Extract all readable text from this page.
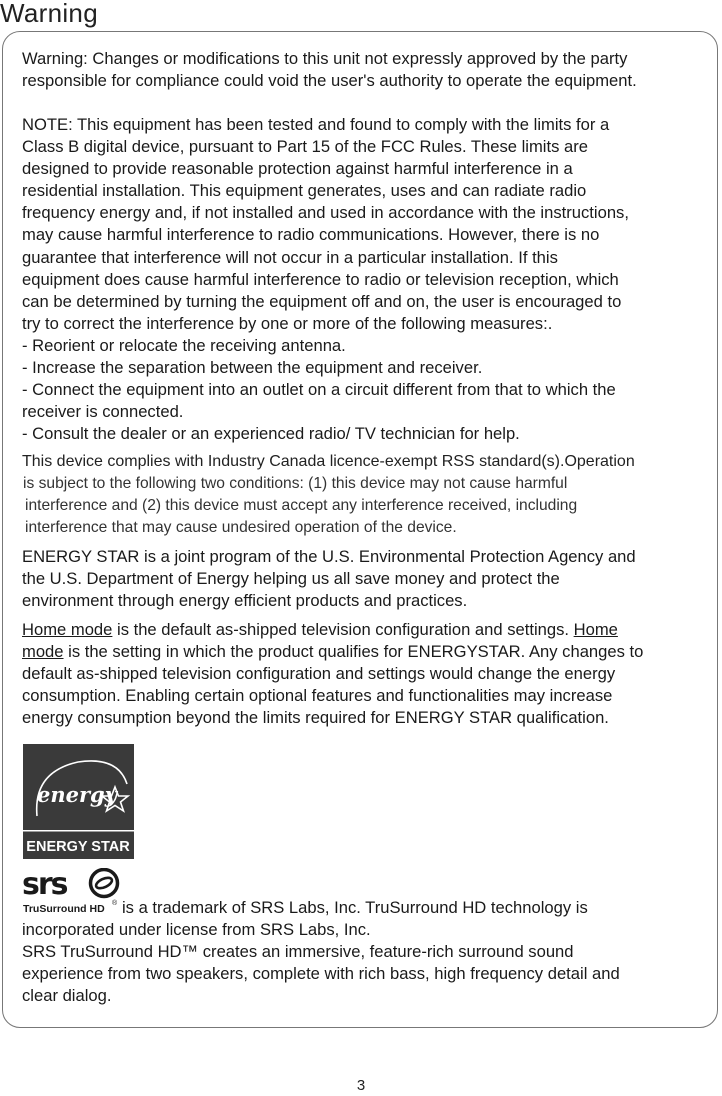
Warning

Warning: Changes or modifications to this unit not expressly approved by the party responsible for compliance could void the user's authority to operate the equipment.

NOTE: This equipment has been tested and found to comply with the limits for a
Class B digital device, pursuant to Part 15 of the FCC Rules. These limits are
designed to provide reasonable protection against harmful interference in a
residential installation. This equipment generates, uses and can radiate radio
frequency energy and, if not installed and used in accordance with the instructions,
may cause harmful interference to radio communications. However, there is no
guarantee that interference will not occur in a particular installation. If this
equipment does cause harmful interference to radio or television reception, which
can be determined by turning the equipment off and on, the user is encouraged to
try to correct the interference by one or more of the following measures:.
- Reorient or relocate the receiving antenna.
- Increase the separation between the equipment and receiver.
- Connect the equipment into an outlet on a circuit different from that to which the
receiver is connected.
- Consult the dealer or an experienced radio/ TV technician for help.

This device complies with Industry Canada licence-exempt RSS standard(s).Operation
is subject to the following two conditions: (1) this device may not cause harmful
interference and (2) this device must accept any interference received, including
interference that may cause undesired operation of the device.

ENERGY STAR is a joint program of the U.S. Environmental Protection Agency and
the U.S. Department of Energy helping us all save money and protect the
environment through energy efficient products and practices.

Home mode is the default as-shipped television configuration and settings. Home
mode is the setting in which the product qualifies for ENERGYSTAR. Any changes to
default as-shipped television configuration and settings would change the energy
consumption. Enabling certain optional features and functionalities may increase
energy consumption beyond the limits required for ENERGY STAR qualification.

energy
ENERGY STAR
srs
TruSurround HD ® is a trademark of SRS Labs, Inc. TruSurround HD technology is
incorporated under license from SRS Labs, Inc.
SRS TruSurround HD™ creates an immersive, feature-rich surround sound
experience from two speakers, complete with rich bass, high frequency detail and
clear dialog.

3
